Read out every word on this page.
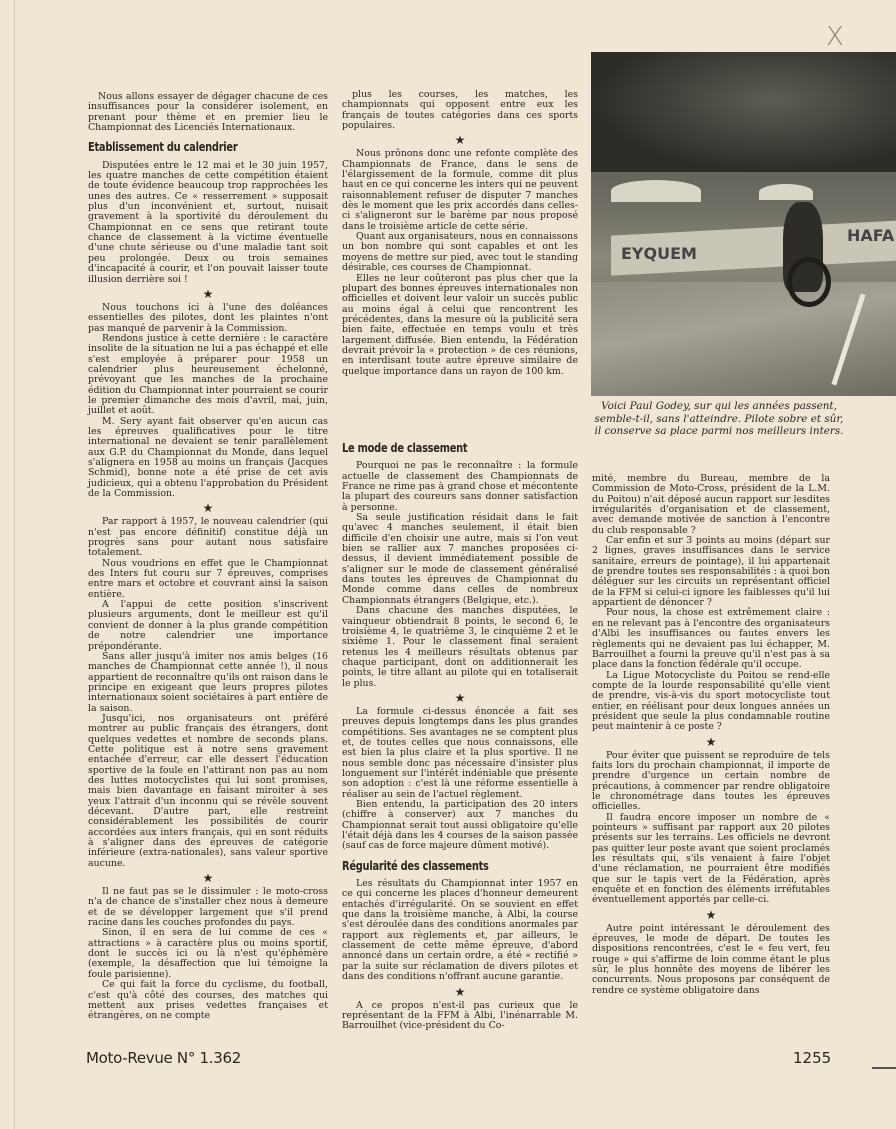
X

Nous allons essayer de dégager chacune de ces insuffisances pour la considérer isolement, en prenant pour thème et en premier lieu le Championnat des Licenciés Internationaux.

Etablissement du calendrier

Disputées entre le 12 mai et le 30 juin 1957, les quatre manches de cette compétition étaient de toute évidence beaucoup trop rapprochées les unes des autres. Ce « resserrement » supposait plus d'un inconvénient et, surtout, nuisait gravement à la sportivité du déroulement du Championnat en ce sens que retirant toute chance de classement à la victime éventuelle d'une chute sérieuse ou d'une maladie tant soit peu prolongée. Deux ou trois semaines d'incapacité à courir, et l'on pouvait laisser toute illusion derrière soi !

★

Nous touchons ici à l'une des doléances essentielles des pilotes, dont les plaintes n'ont pas manqué de parvenir à la Commission.

Rendons justice à cette dernière : le caractère insolite de la situation ne lui a pas échappé et elle s'est employée à préparer pour 1958 un calendrier plus heureusement échelonné, prévoyant que les manches de la prochaine édition du Championnat inter pourraient se courir le premier dimanche des mois d'avril, mai, juin, juillet et août.

M. Sery ayant fait observer qu'en aucun cas les épreuves qualificatives pour le titre international ne devaient se tenir parallèlement aux G.P. du Championnat du Monde, dans lequel s'alignera en 1958 au moins un français (Jacques Schmid), bonne note a été prise de cet avis judicieux, qui a obtenu l'approbation du Président de la Commission.

★

Par rapport à 1957, le nouveau calendrier (qui n'est pas encore définitif) constitue déjà un progrès sans pour autant nous satisfaire totalement.

Nous voudrions en effet que le Championnat des Inters fut couru sur 7 épreuves, comprises entre mars et octobre et couvrant ainsi la saison entière.

A l'appui de cette position s'inscrivent plusieurs arguments, dont le meilleur est qu'il convient de donner à la plus grande compétition de notre calendrier une importance prépondérante.

Sans aller jusqu'à imiter nos amis belges (16 manches de Championnat cette année !), il nous appartient de reconnaître qu'ils ont raison dans le principe en exigeant que leurs propres pilotes internationaux soient sociétaires à part entière de la saison.

Jusqu'ici, nos organisateurs ont préféré montrer au public français des étrangers, dont quelques vedettes et nombre de seconds plans. Cette politique est à notre sens gravement entachée d'erreur, car elle dessert l'éducation sportive de la foule en l'attirant non pas au nom des luttes motocyclistes qui lui sont promises, mais bien davantage en faisant miroiter à ses yeux l'attrait d'un inconnu qui se révèle souvent décevant. D'autre part, elle restreint considérablement les possibilités de courir accordées aux inters français, qui en sont réduits à s'aligner dans des épreuves de catégorie inférieure (extra-nationales), sans valeur sportive aucune.

★

Il ne faut pas se le dissimuler : le moto-cross n'a de chance de s'installer chez nous à demeure et de se développer largement que s'il prend racine dans les couches profondes du pays.

Sinon, il en sera de lui comme de ces « attractions » à caractère plus ou moins sportif, dont le succès ici ou là n'est qu'éphémère (exemple, la désaffection que lui témoigne la foule parisienne).

Ce qui fait la force du cyclisme, du football, c'est qu'à côté des courses, des matches qui mettent aux prises vedettes françaises et étrangères, on ne compte

plus les courses, les matches, les championnats qui opposent entre eux les français de toutes catégories dans ces sports populaires.

★

Nous prônons donc une refonte complète des Championnats de France, dans le sens de l'élargissement de la formule, comme dit plus haut en ce qui concerne les inters qui ne peuvent raisonnablement refuser de disputer 7 manches dès le moment que les prix accordés dans celles-ci s'aligneront sur le barème par nous proposé dans le troisième article de cette série.

Quant aux organisateurs, nous en connaissons un bon nombre qui sont capables et ont les moyens de mettre sur pied, avec tout le standing désirable, ces courses de Championnat.

Elles ne leur coûteront pas plus cher que la plupart des bonnes épreuves internationales non officielles et doivent leur valoir un succès public au moins égal à celui que rencontrent les précédentes, dans la mesure où la publicité sera bien faite, effectuée en temps voulu et très largement diffusée. Bien entendu, la Fédération devrait prévoir la « protection » de ces réunions, en interdisant toute autre épreuve similaire de quelque importance dans un rayon de 100 km.

Le mode de classement

Pourquoi ne pas le reconnaître : la formule actuelle de classement des Championnats de France ne rime pas à grand chose et mécontente la plupart des coureurs sans donner satisfaction à personne.

Sa seule justification résidait dans le fait qu'avec 4 manches seulement, il était bien difficile d'en choisir une autre, mais si l'on veut bien se rallier aux 7 manches proposées ci-dessus, il devient immédiatement possible de s'aligner sur le mode de classement généralisé dans toutes les épreuves de Championnat du Monde comme dans celles de nombreux Championnats étrangers (Belgique, etc.).

Dans chacune des manches disputées, le vainqueur obtiendrait 8 points, le second 6, le troisième 4, le quatrième 3, le cinquième 2 et le sixième 1. Pour le classement final seraient retenus les 4 meilleurs résultats obtenus par chaque participant, dont on additionnerait les points, le titre allant au pilote qui en totaliserait le plus.

★

La formule ci-dessus énoncée a fait ses preuves depuis longtemps dans les plus grandes compétitions. Ses avantages ne se comptent plus et, de toutes celles que nous connaissons, elle est bien la plus claire et la plus sportive. Il ne nous semble donc pas nécessaire d'insister plus longuement sur l'intérêt indéniable que présente son adoption : c'est là une réforme essentielle à réaliser au sein de l'actuel règlement.

Bien entendu, la participation des 20 inters (chiffre à conserver) aux 7 manches du Championnat serait tout aussi obligatoire qu'elle l'était déjà dans les 4 courses de la saison passée (sauf cas de force majeure dûment motivé).

Régularité des classements

Les résultats du Championnat inter 1957 en ce qui concerne les places d'honneur demeurent entachés d'irrégularité. On se souvient en effet que dans la troisième manche, à Albi, la course s'est déroulée dans des conditions anormales par rapport aux règlements et, par ailleurs, le classement de cette même épreuve, d'abord annoncé dans un certain ordre, a été « rectifié » par la suite sur réclamation de divers pilotes et dans des conditions n'offrant aucune garantie.

★

A ce propos n'est-il pas curieux que le représentant de la FFM à Albi, l'inénarrable M. Barrouilhet (vice-président du Co-

EYQUEM
HAFA
Voici Paul Godey, sur qui les années passent, semble-t-il, sans l'atteindre. Pilote sobre et sûr, il conserve sa place parmi nos meilleurs inters.

mité, membre du Bureau, membre de la Commission de Moto-Cross, président de la L.M. du Poitou) n'ait déposé aucun rapport sur lesdites irrégularités d'organisation et de classement, avec demande motivée de sanction à l'encontre du club responsable ?

Car enfin et sur 3 points au moins (départ sur 2 lignes, graves insuffisances dans le service sanitaire, erreurs de pointage), il lui appartenait de prendre toutes ses responsabilités : à quoi bon déléguer sur les circuits un représentant officiel de la FFM si celui-ci ignore les faiblesses qu'il lui appartient de dénoncer ?

Pour nous, la chose est extrêmement claire : en ne relevant pas à l'encontre des organisateurs d'Albi les insuffisances ou fautes envers les règlements qui ne devaient pas lui échapper, M. Barrouilhet a fourni la preuve qu'il n'est pas à sa place dans la fonction fédérale qu'il occupe.

La Ligue Motocycliste du Poitou se rend-elle compte de la lourde responsabilité qu'elle vient de prendre, vis-à-vis du sport motocycliste tout entier, en réélisant pour deux longues années un président que seule la plus condamnable routine peut maintenir à ce poste ?

★

Pour éviter que puissent se reproduire de tels faits lors du prochain championnat, il importe de prendre d'urgence un certain nombre de précautions, à commencer par rendre obligatoire le chronométrage dans toutes les épreuves officielles.

Il faudra encore imposer un nombre de « pointeurs » suffisant par rapport aux 20 pilotes présents sur les terrains. Les officiels ne devront pas quitter leur poste avant que soient proclamés les résultats qui, s'ils venaient à faire l'objet d'une réclamation, ne pourraient être modifiés que sur le tapis vert de la Fédération, après enquête et en fonction des éléments irréfutables éventuellement apportés par celle-ci.

★

Autre point intéressant le déroulement des épreuves, le mode de départ. De toutes les dispositions rencontrées, c'est le « feu vert, feu rouge » qui s'affirme de loin comme étant le plus sûr, le plus honnête des moyens de libérer les concurrents. Nous proposons par conséquent de rendre ce système obligatoire dans

Moto-Revue N° 1.362	1255
